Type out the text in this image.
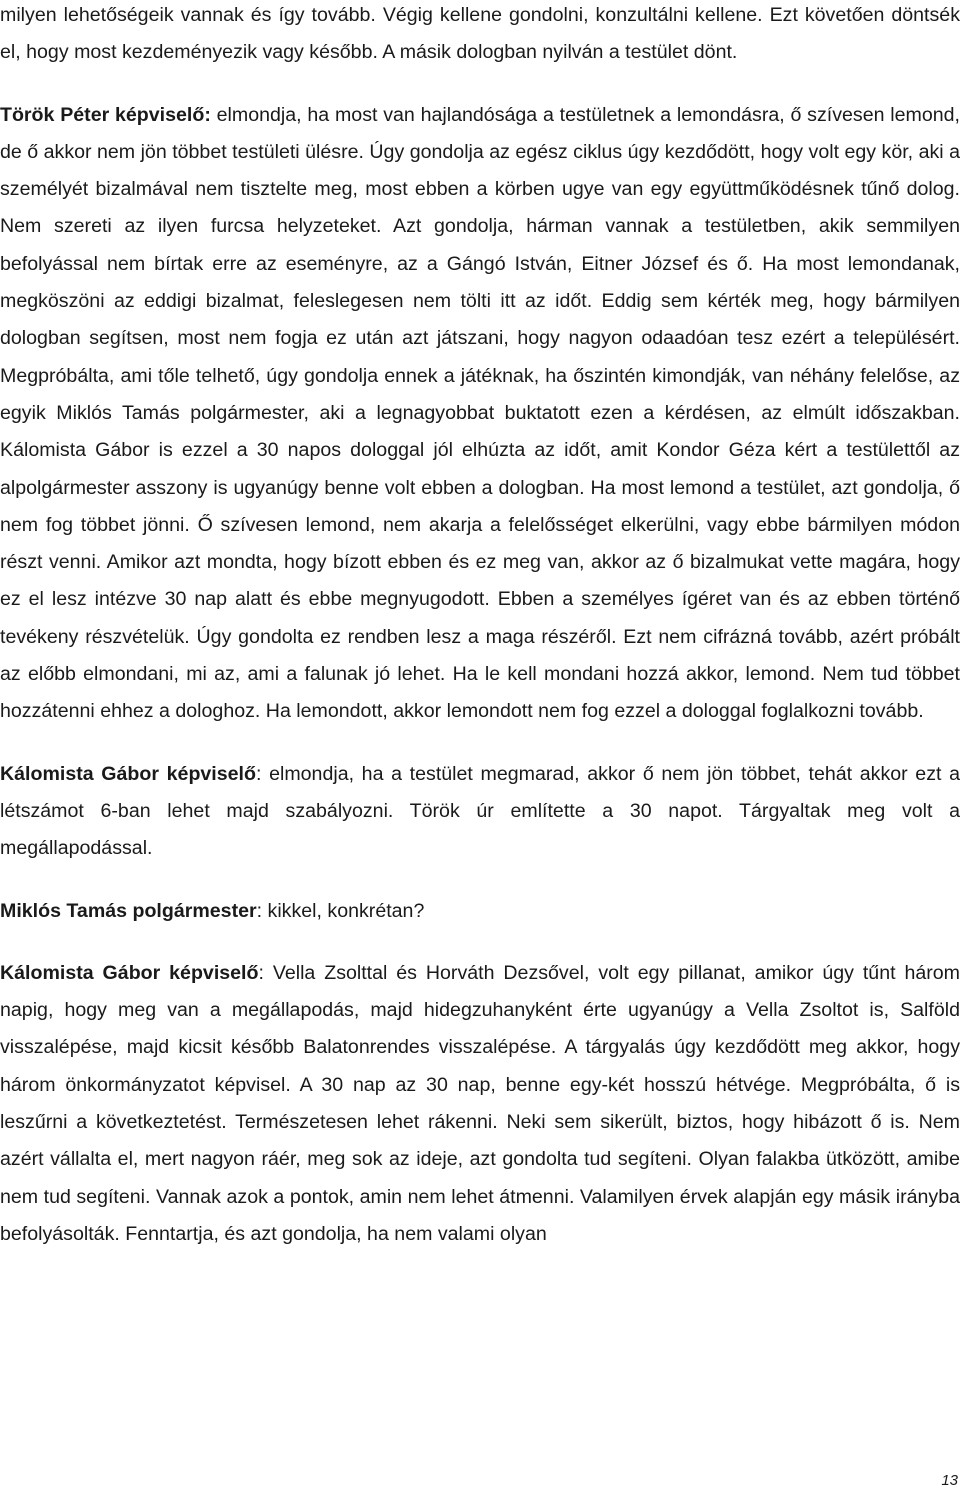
milyen lehetőségeik vannak és így tovább. Végig kellene gondolni, konzultálni kellene. Ezt követően döntsék el, hogy most kezdeményezik vagy később. A másik dologban nyilván a testület dönt.

Török Péter képviselő: elmondja, ha most van hajlandósága a testületnek a lemondásra, ő szívesen lemond, de ő akkor nem jön többet testületi ülésre. Úgy gondolja az egész ciklus úgy kezdődött, hogy volt egy kör, aki a személyét bizalmával nem tisztelte meg, most ebben a körben ugye van egy együttműködésnek tűnő dolog. Nem szereti az ilyen furcsa helyzeteket. Azt gondolja, hárman vannak a testületben, akik semmilyen befolyással nem bírtak erre az eseményre, az a Gángó István, Eitner József és ő. Ha most lemondanak, megköszöni az eddigi bizalmat, feleslegesen nem tölti itt az időt. Eddig sem kérték meg, hogy bármilyen dologban segítsen, most nem fogja ez után azt játszani, hogy nagyon odaadóan tesz ezért a településért. Megpróbálta, ami tőle telhető, úgy gondolja ennek a játéknak, ha őszintén kimondják, van néhány felelőse, az egyik Miklós Tamás polgármester, aki a legnagyobbat buktatott ezen a kérdésen, az elmúlt időszakban. Kálomista Gábor is ezzel a 30 napos dologgal jól elhúzta az időt, amit Kondor Géza kért a testülettől az alpolgármester asszony is ugyanúgy benne volt ebben a dologban. Ha most lemond a testület, azt gondolja, ő nem fog többet jönni. Ő szívesen lemond, nem akarja a felelősséget elkerülni, vagy ebbe bármilyen módon részt venni. Amikor azt mondta, hogy bízott ebben és ez meg van, akkor az ő bizalmukat vette magára, hogy ez el lesz intézve 30 nap alatt és ebbe megnyugodott. Ebben a személyes ígéret van és az ebben történő tevékeny részvételük. Úgy gondolta ez rendben lesz a maga részéről. Ezt nem cifrázná tovább, azért próbált az előbb elmondani, mi az, ami a falunak jó lehet. Ha le kell mondani hozzá akkor, lemond. Nem tud többet hozzátenni ehhez a dologhoz. Ha lemondott, akkor lemondott nem fog ezzel a dologgal foglalkozni tovább.

Kálomista Gábor képviselő: elmondja, ha a testület megmarad, akkor ő nem jön többet, tehát akkor ezt a létszámot 6-ban lehet majd szabályozni. Török úr említette a 30 napot. Tárgyaltak meg volt a megállapodással.

Miklós Tamás polgármester: kikkel, konkrétan?

Kálomista Gábor képviselő: Vella Zsolttal és Horváth Dezsővel, volt egy pillanat, amikor úgy tűnt három napig, hogy meg van a megállapodás, majd hidegzuhanyként érte ugyanúgy a Vella Zsoltot is, Salföld visszalépése, majd kicsit később Balatonrendes visszalépése. A tárgyalás úgy kezdődött meg akkor, hogy három önkormányzatot képvisel. A 30 nap az 30 nap, benne egy-két hosszú hétvége. Megpróbálta, ő is leszűrni a következtetést. Természetesen lehet rákenni. Neki sem sikerült, biztos, hogy hibázott ő is. Nem azért vállalta el, mert nagyon ráér, meg sok az ideje, azt gondolta tud segíteni. Olyan falakba ütközött, amibe nem tud segíteni. Vannak azok a pontok, amin nem lehet átmenni. Valamilyen érvek alapján egy másik irányba befolyásolták. Fenntartja, és azt gondolja, ha nem valami olyan

13
